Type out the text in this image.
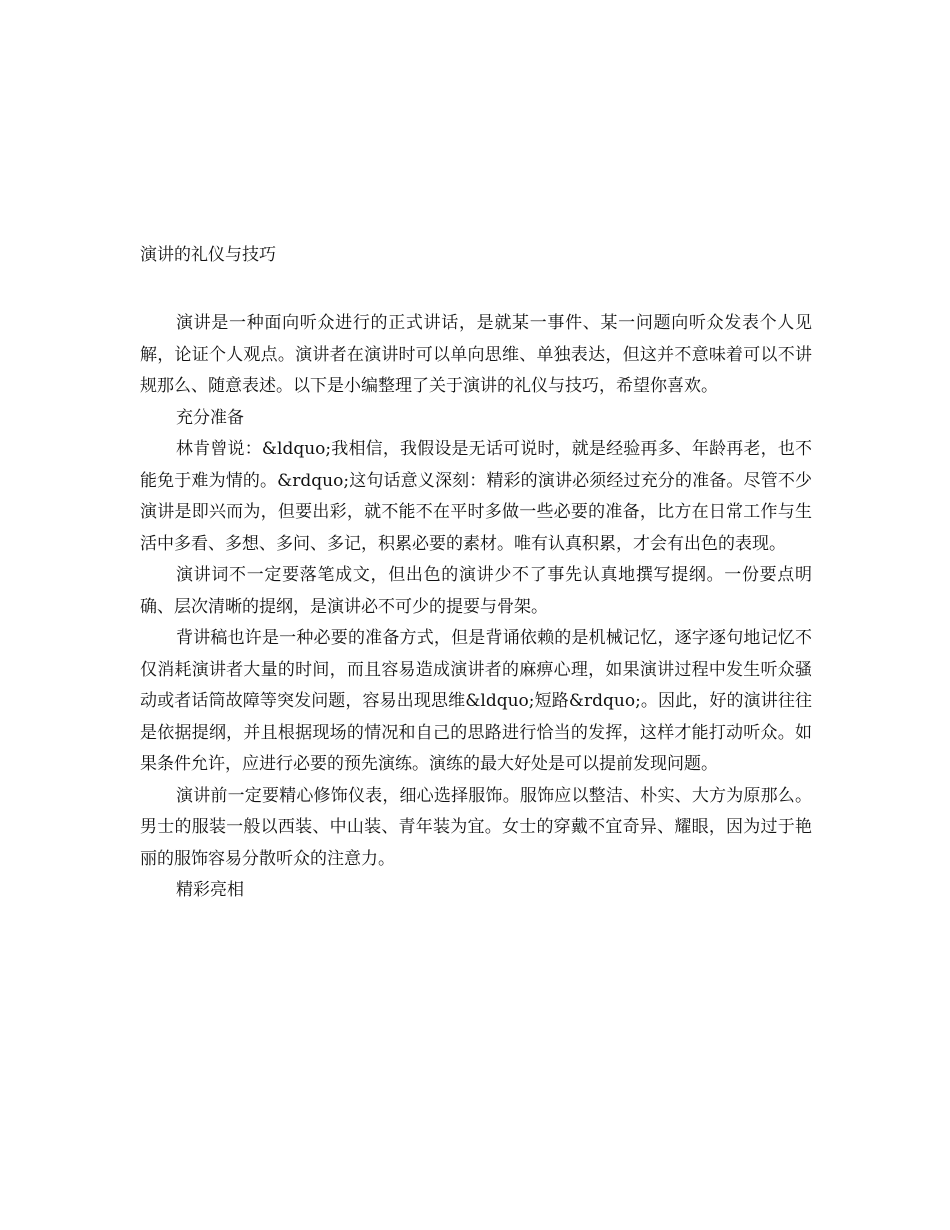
演讲的礼仪与技巧

演讲是一种面向听众进行的正式讲话，是就某一事件、某一问题向听众发表个人见解，论证个人观点。演讲者在演讲时可以单向思维、单独表达，但这并不意味着可以不讲规那么、随意表述。以下是小编整理了关于演讲的礼仪与技巧，希望你喜欢。

充分准备

林肯曾说：&ldquo;我相信，我假设是无话可说时，就是经验再多、年龄再老，也不能免于难为情的。&rdquo;这句话意义深刻：精彩的演讲必须经过充分的准备。尽管不少演讲是即兴而为，但要出彩，就不能不在平时多做一些必要的准备，比方在日常工作与生活中多看、多想、多问、多记，积累必要的素材。唯有认真积累，才会有出色的表现。

演讲词不一定要落笔成文，但出色的演讲少不了事先认真地撰写提纲。一份要点明确、层次清晰的提纲，是演讲必不可少的提要与骨架。

背讲稿也许是一种必要的准备方式，但是背诵依赖的是机械记忆，逐字逐句地记忆不仅消耗演讲者大量的时间，而且容易造成演讲者的麻痹心理，如果演讲过程中发生听众骚动或者话筒故障等突发问题，容易出现思维&ldquo;短路&rdquo;。因此，好的演讲往往是依据提纲，并且根据现场的情况和自己的思路进行恰当的发挥，这样才能打动听众。如果条件允许，应进行必要的预先演练。演练的最大好处是可以提前发现问题。

演讲前一定要精心修饰仪表，细心选择服饰。服饰应以整洁、朴实、大方为原那么。男士的服装一般以西装、中山装、青年装为宜。女士的穿戴不宜奇异、耀眼，因为过于艳丽的服饰容易分散听众的注意力。

精彩亮相
